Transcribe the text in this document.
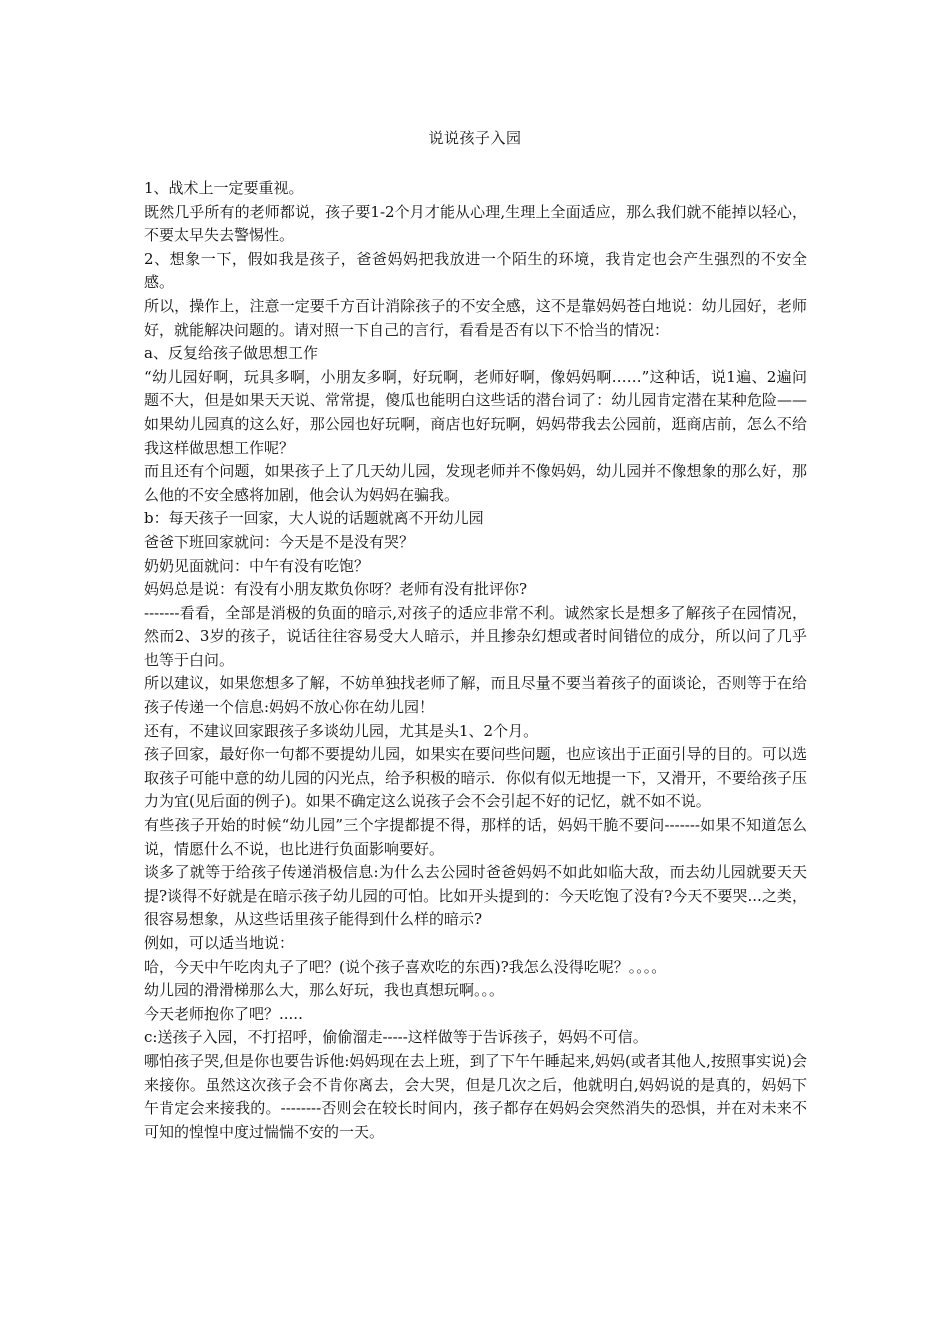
说说孩子入园

1、战术上一定要重视。

既然几乎所有的老师都说，孩子要1-2个月才能从心理,生理上全面适应，那么我们就不能掉以轻心，不要太早失去警惕性。

2、想象一下，假如我是孩子，爸爸妈妈把我放进一个陌生的环境，我肯定也会产生强烈的不安全感。

所以，操作上，注意一定要千方百计消除孩子的不安全感，这不是靠妈妈苍白地说：幼儿园好，老师好，就能解决问题的。请对照一下自己的言行，看看是否有以下不恰当的情况：

a、反复给孩子做思想工作

“幼儿园好啊，玩具多啊，小朋友多啊，好玩啊，老师好啊，像妈妈啊……”这种话，说1遍、2遍问题不大，但是如果天天说、常常提，傻瓜也能明白这些话的潜台词了：幼儿园肯定潜在某种危险——如果幼儿园真的这么好，那公园也好玩啊，商店也好玩啊，妈妈带我去公园前，逛商店前，怎么不给我这样做思想工作呢？

而且还有个问题，如果孩子上了几天幼儿园，发现老师并不像妈妈，幼儿园并不像想象的那么好，那么他的不安全感将加剧，他会认为妈妈在骗我。

b：每天孩子一回家，大人说的话题就离不开幼儿园

爸爸下班回家就问：今天是不是没有哭？

奶奶见面就问：中午有没有吃饱？

妈妈总是说：有没有小朋友欺负你呀？老师有没有批评你?

-------看看，全部是消极的负面的暗示,对孩子的适应非常不利。诚然家长是想多了解孩子在园情况，然而2、3岁的孩子，说话往往容易受大人暗示，并且掺杂幻想或者时间错位的成分，所以问了几乎也等于白问。

所以建议，如果您想多了解，不妨单独找老师了解，而且尽量不要当着孩子的面谈论，否则等于在给孩子传递一个信息:妈妈不放心你在幼儿园！

还有，不建议回家跟孩子多谈幼儿园，尤其是头1、2个月。

孩子回家，最好你一句都不要提幼儿园，如果实在要问些问题，也应该出于正面引导的目的。可以选取孩子可能中意的幼儿园的闪光点，给予积极的暗示．你似有似无地提一下，又滑开，不要给孩子压力为宜(见后面的例子)。如果不确定这么说孩子会不会引起不好的记忆，就不如不说。

有些孩子开始的时候“幼儿园”三个字提都提不得，那样的话，妈妈干脆不要问-------如果不知道怎么说，情愿什么不说，也比进行负面影响要好。

谈多了就等于给孩子传递消极信息:为什么去公园时爸爸妈妈不如此如临大敌，而去幼儿园就要天天提?谈得不好就是在暗示孩子幼儿园的可怕。比如开头提到的：今天吃饱了没有?今天不要哭...之类，很容易想象，从这些话里孩子能得到什么样的暗示?

例如，可以适当地说：

哈，今天中午吃肉丸子了吧？(说个孩子喜欢吃的东西)?我怎么没得吃呢？。。。。

幼儿园的滑滑梯那么大，那么好玩，我也真想玩啊。。。

今天老师抱你了吧？.....

c:送孩子入园，不打招呼，偷偷溜走-----这样做等于告诉孩子，妈妈不可信。

哪怕孩子哭,但是你也要告诉他:妈妈现在去上班，到了下午午睡起来,妈妈(或者其他人,按照事实说)会来接你。虽然这次孩子会不肯你离去，会大哭，但是几次之后，他就明白,妈妈说的是真的，妈妈下午肯定会来接我的。--------否则会在较长时间内，孩子都存在妈妈会突然消失的恐惧，并在对未来不可知的惶惶中度过惴惴不安的一天。
